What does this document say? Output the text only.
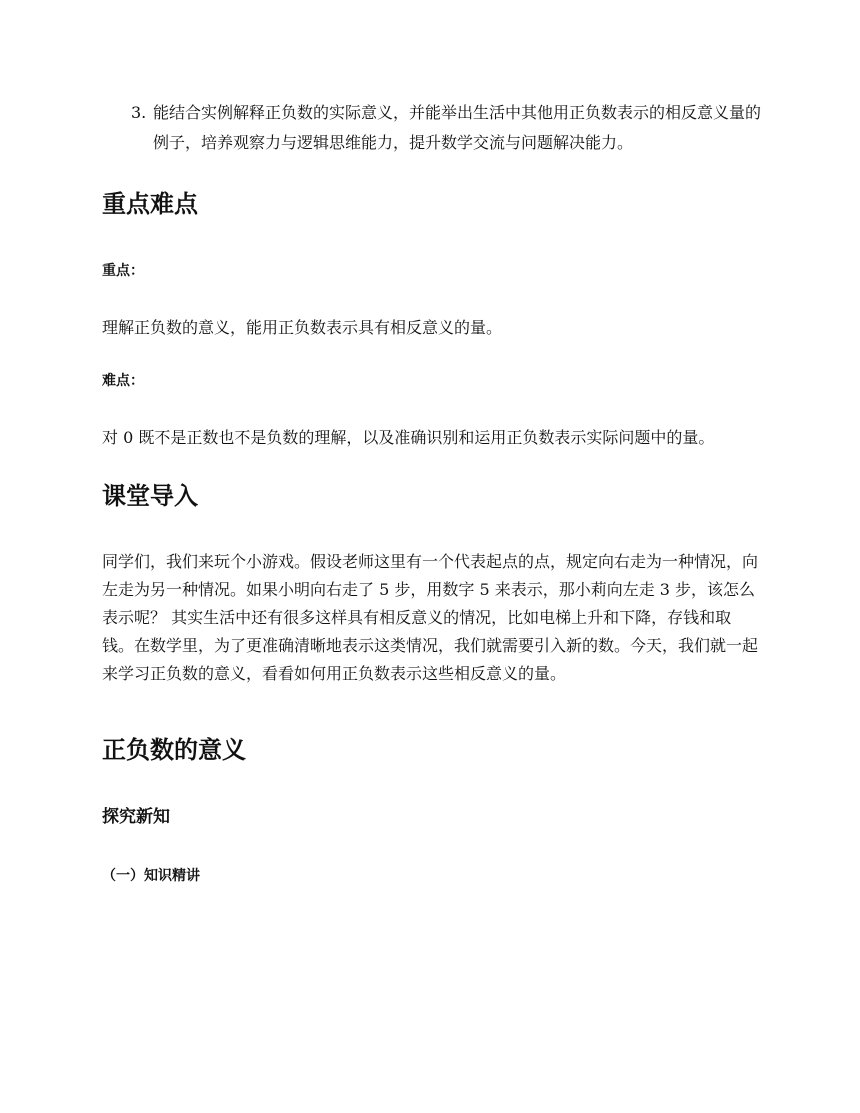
3. 能结合实例解释正负数的实际意义，并能举出生活中其他用正负数表示的相反意义量的例子，培养观察力与逻辑思维能力，提升数学交流与问题解决能力。
重点难点
重点：

理解正负数的意义，能用正负数表示具有相反意义的量。

难点：

对 0 既不是正数也不是负数的理解，以及准确识别和运用正负数表示实际问题中的量。

课堂导入

同学们，我们来玩个小游戏。假设老师这里有一个代表起点的点，规定向右走为一种情况，向左走为另一种情况。如果小明向右走了 5 步，用数字 5 来表示，那小莉向左走 3 步，该怎么表示呢？ 其实生活中还有很多这样具有相反意义的情况，比如电梯上升和下降，存钱和取钱。在数学里，为了更准确清晰地表示这类情况，我们就需要引入新的数。今天，我们就一起来学习正负数的意义，看看如何用正负数表示这些相反意义的量。

正负数的意义
探究新知
（一）知识精讲
